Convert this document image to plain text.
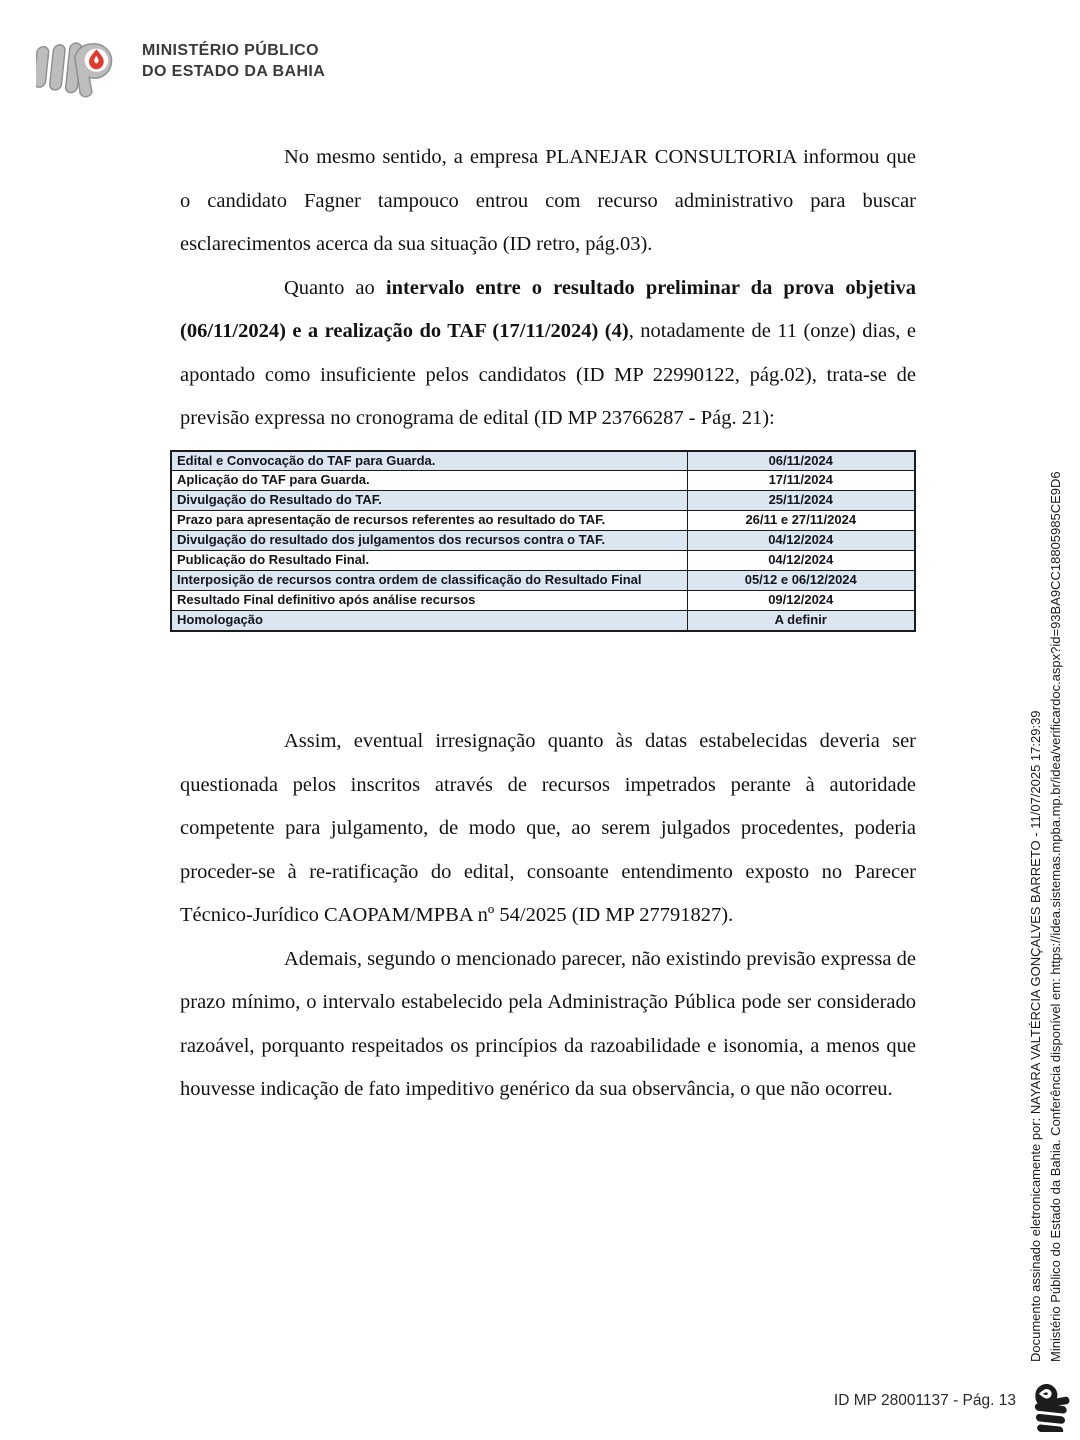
MINISTÉRIO PÚBLICO
DO ESTADO DA BAHIA

No mesmo sentido, a empresa PLANEJAR CONSULTORIA informou que o candidato Fagner tampouco entrou com recurso administrativo para buscar esclarecimentos acerca da sua situação (ID retro, pág.03).

Quanto ao intervalo entre o resultado preliminar da prova objetiva (06/11/2024) e a realização do TAF (17/11/2024) (4), notadamente de 11 (onze) dias, e apontado como insuficiente pelos candidatos (ID MP 22990122, pág.02), trata-se de previsão expressa no cronograma de edital (ID MP 23766287 - Pág. 21):

Edital e Convocação do TAF para Guarda.	06/11/2024
Aplicação do TAF para Guarda.	17/11/2024
Divulgação do Resultado do TAF.	25/11/2024
Prazo para apresentação de recursos referentes ao resultado do TAF.	26/11 e 27/11/2024
Divulgação do resultado dos julgamentos dos recursos contra o TAF.	04/12/2024
Publicação do Resultado Final.	04/12/2024
Interposição de recursos contra ordem de classificação do Resultado Final	05/12 e 06/12/2024
Resultado Final definitivo após análise recursos	09/12/2024
Homologação	A definir

Assim, eventual irresignação quanto às datas estabelecidas deveria ser questionada pelos inscritos através de recursos impetrados perante à autoridade competente para julgamento, de modo que, ao serem julgados procedentes, poderia proceder-se à re-ratificação do edital, consoante entendimento exposto no Parecer Técnico-Jurídico CAOPAM/MPBA nº 54/2025 (ID MP 27791827).

Ademais, segundo o mencionado parecer, não existindo previsão expressa de prazo mínimo, o intervalo estabelecido pela Administração Pública pode ser considerado razoável, porquanto respeitados os princípios da razoabilidade e isonomia, a menos que houvesse indicação de fato impeditivo genérico da sua observância, o que não ocorreu.	Documento assinado eletronicamente por: NAYARA VALTÉRCIA GONÇALVES BARRETO - 11/07/2025 17:29:39 Ministério Público do Estado da Bahia. Conferência disponível em: https://idea.sistemas.mpba.mp.br/idea/verificardoc.aspx?id=93BA9CC18805985CE9D6
ID MP 28001137 - Pág. 13
